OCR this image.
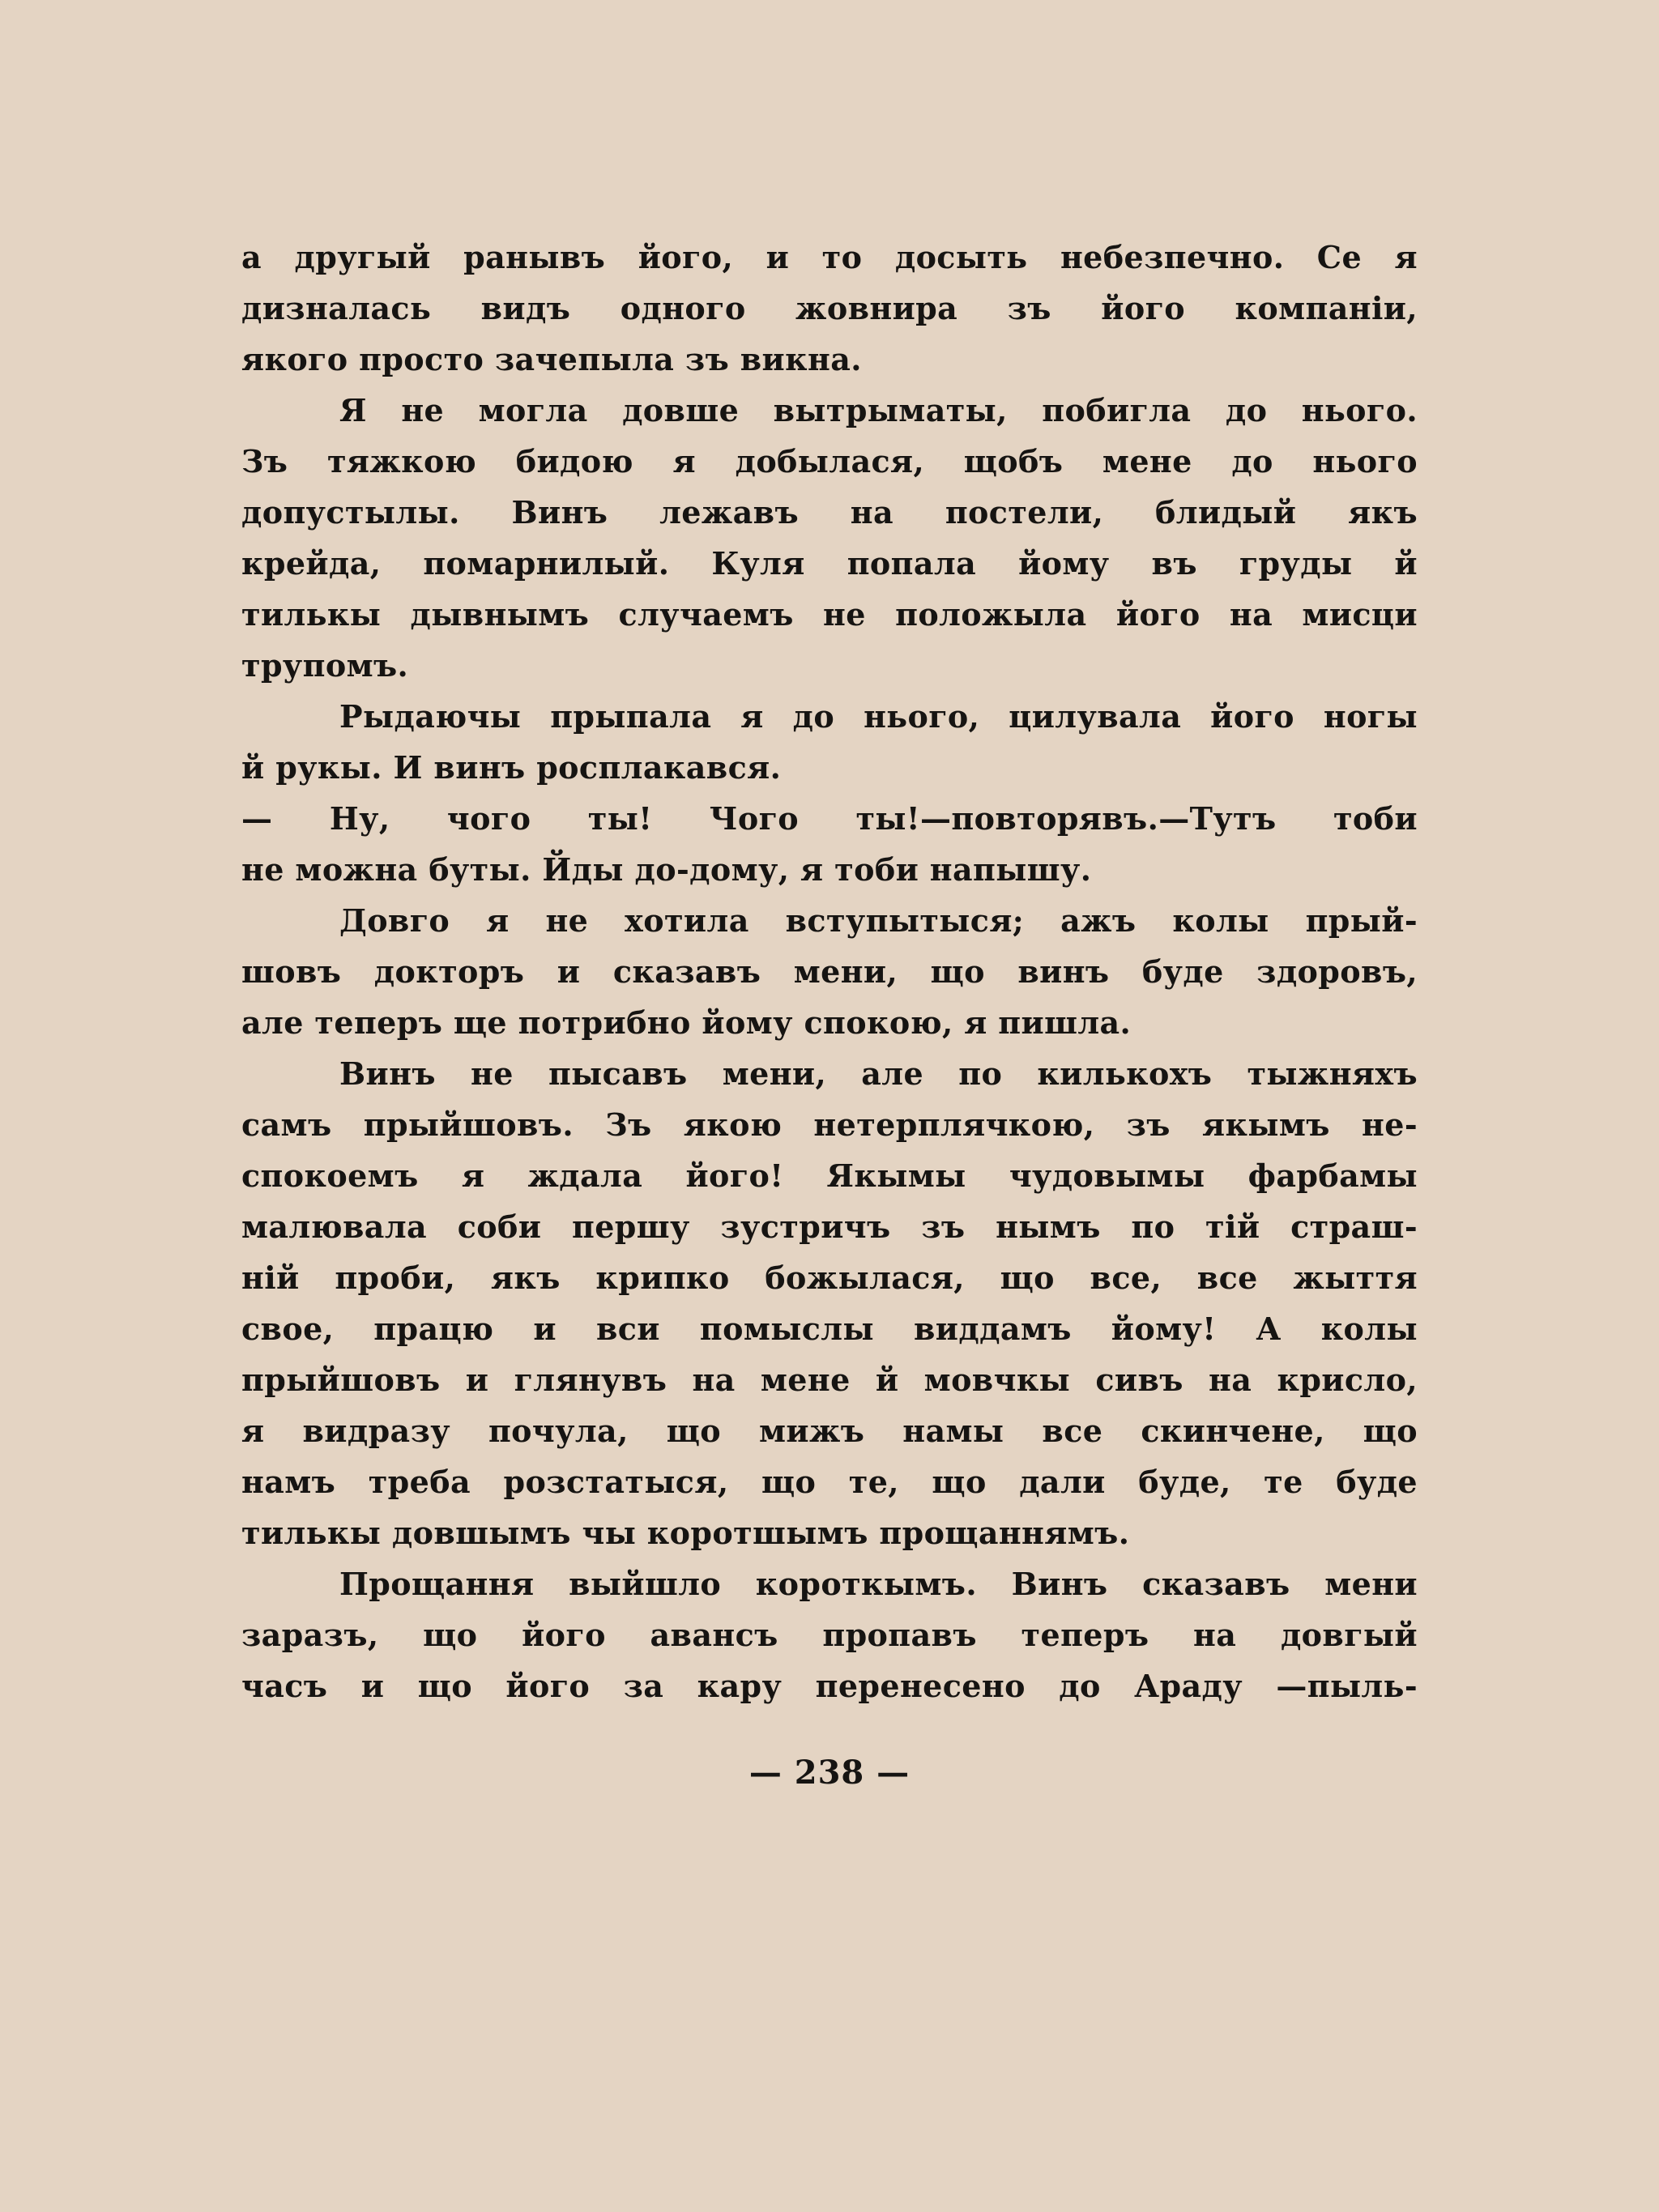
а другый ранывъ його, и то досыть небезпечно. Се я
дизналась видъ одного жовнира зъ його компаніи,
якого просто зачепыла зъ викна.
Я не могла довше вытрыматы, побигла до нього.
Зъ тяжкою бидою я добылася, щобъ мене до нього
допустылы. Винъ лежавъ на постели, блидый якъ
крейда, помарнилый. Куля попала йому въ груды й
тилькы дывнымъ случаемъ не положыла його на мисци
трупомъ.
Рыдаючы прыпала я до нього, цилувала його ногы
й рукы. И винъ росплакався.
— Ну, чого ты! Чого ты!—повторявъ.—Тутъ тоби
не можна буты. Йды до-дому, я тоби напышу.
Довго я не хотила вступытыся; ажъ колы прый-
шовъ докторъ и сказавъ мени, що винъ буде здоровъ,
але теперъ ще потрибно йому спокою, я пишла.
Винъ не пысавъ мени, але по килькохъ тыжняхъ
самъ прыйшовъ. Зъ якою нетерплячкою, зъ якымъ не-
спокоемъ я ждала його! Якымы чудовымы фарбамы
малювала соби першу зустричъ зъ нымъ по тій страш-
ній проби, якъ крипко божылася, що все, все жыття
свое, працю и вси помыслы виддамъ йому! А колы
прыйшовъ и глянувъ на мене й мовчкы сивъ на крисло,
я видразу почула, що мижъ намы все скинчене, що
намъ треба розстатыся, що те, що дали буде, те буде
тилькы довшымъ чы коротшымъ прощаннямъ.
Прощання выйшло короткымъ. Винъ сказавъ мени
заразъ, що його авансъ пропавъ теперъ на довгый
часъ и що його за кару перенесено до Араду —пыль-
— 238 —
